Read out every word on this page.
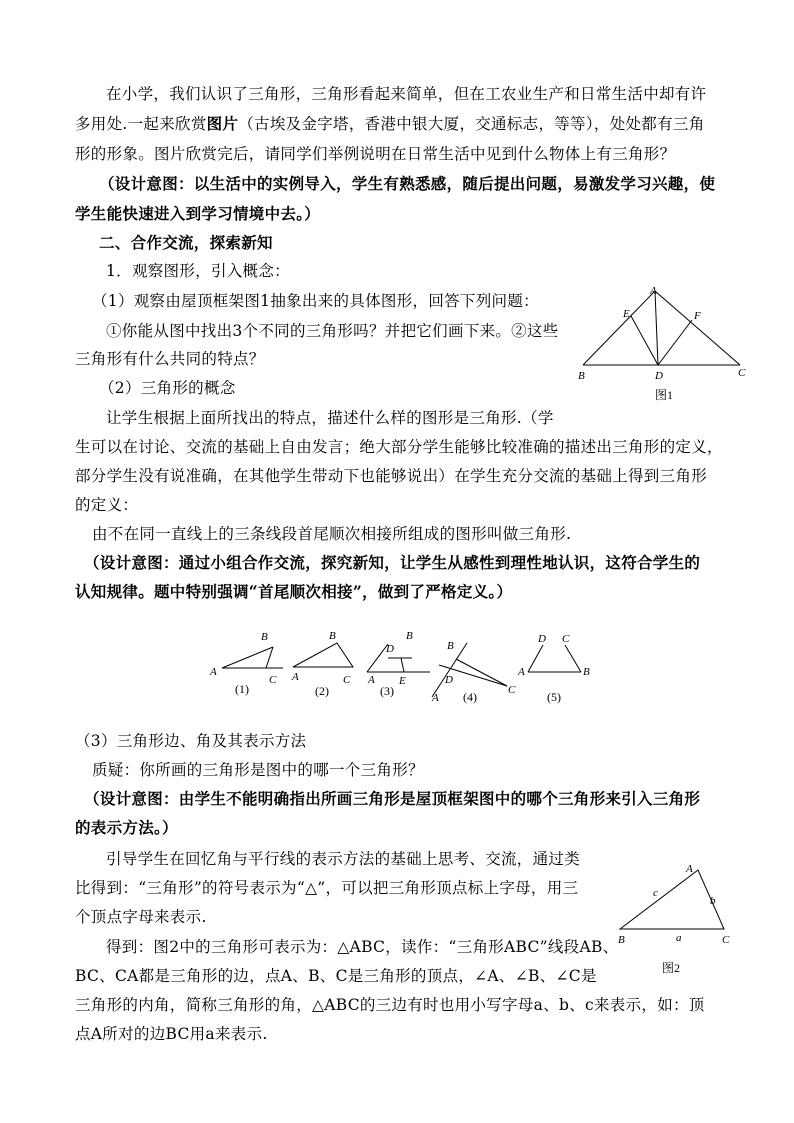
在小学，我们认识了三角形，三角形看起来简单，但在工农业生产和日常生活中却有许
多用处.一起来欣赏图片（古埃及金字塔，香港中银大厦，交通标志，等等），处处都有三角
形的形象。图片欣赏完后，请同学们举例说明在日常生活中见到什么物体上有三角形？
（设计意图：以生活中的实例导入，学生有熟悉感，随后提出问题，易激发学习兴趣，使
学生能快速进入到学习情境中去。）
二、合作交流，探索新知
1．观察图形，引入概念：
（1）观察由屋顶框架图1抽象出来的具体图形，回答下列问题：
①你能从图中找出3个不同的三角形吗？并把它们画下来。②这些
三角形有什么共同的特点？
（2）三角形的概念
让学生根据上面所找出的特点，描述什么样的图形是三角形.（学
生可以在讨论、交流的基础上自由发言；绝大部分学生能够比较准确的描述出三角形的定义，
部分学生没有说准确，在其他学生带动下也能够说出）在学生充分交流的基础上得到三角形
的定义：
由不在同一直线上的三条线段首尾顺次相接所组成的图形叫做三角形.
（设计意图：通过小组合作交流，探究新知，让学生从感性到理性地认识，这符合学生的
认知规律。题中特别强调“首尾顺次相接”，做到了严格定义。）
A
E	F
B	D	C
图1
A
B
C
(1)
A
B
C
(2)
A
B
D
E
(3)
B
D
A
C
(4)
D C
A	B
(5)
（3）三角形边、角及其表示方法
质疑：你所画的三角形是图中的哪一个三角形？
（设计意图：由学生不能明确指出所画三角形是屋顶框架图中的哪个三角形来引入三角形
的表示方法。）
引导学生在回忆角与平行线的表示方法的基础上思考、交流，通过类
比得到：“三角形”的符号表示为“△”，可以把三角形顶点标上字母，用三
个顶点字母来表示.
得到：图2中的三角形可表示为：△ABC，读作：“三角形ABC”线段AB、
BC、CA都是三角形的边，点A、B、C是三角形的顶点，∠A、∠B、∠C是
三角形的内角，简称三角形的角，△ABC的三边有时也用小写字母a、b、c来表示，如：顶
点A所对的边BC用a来表示.
A
B	C
a
b
c
图2
